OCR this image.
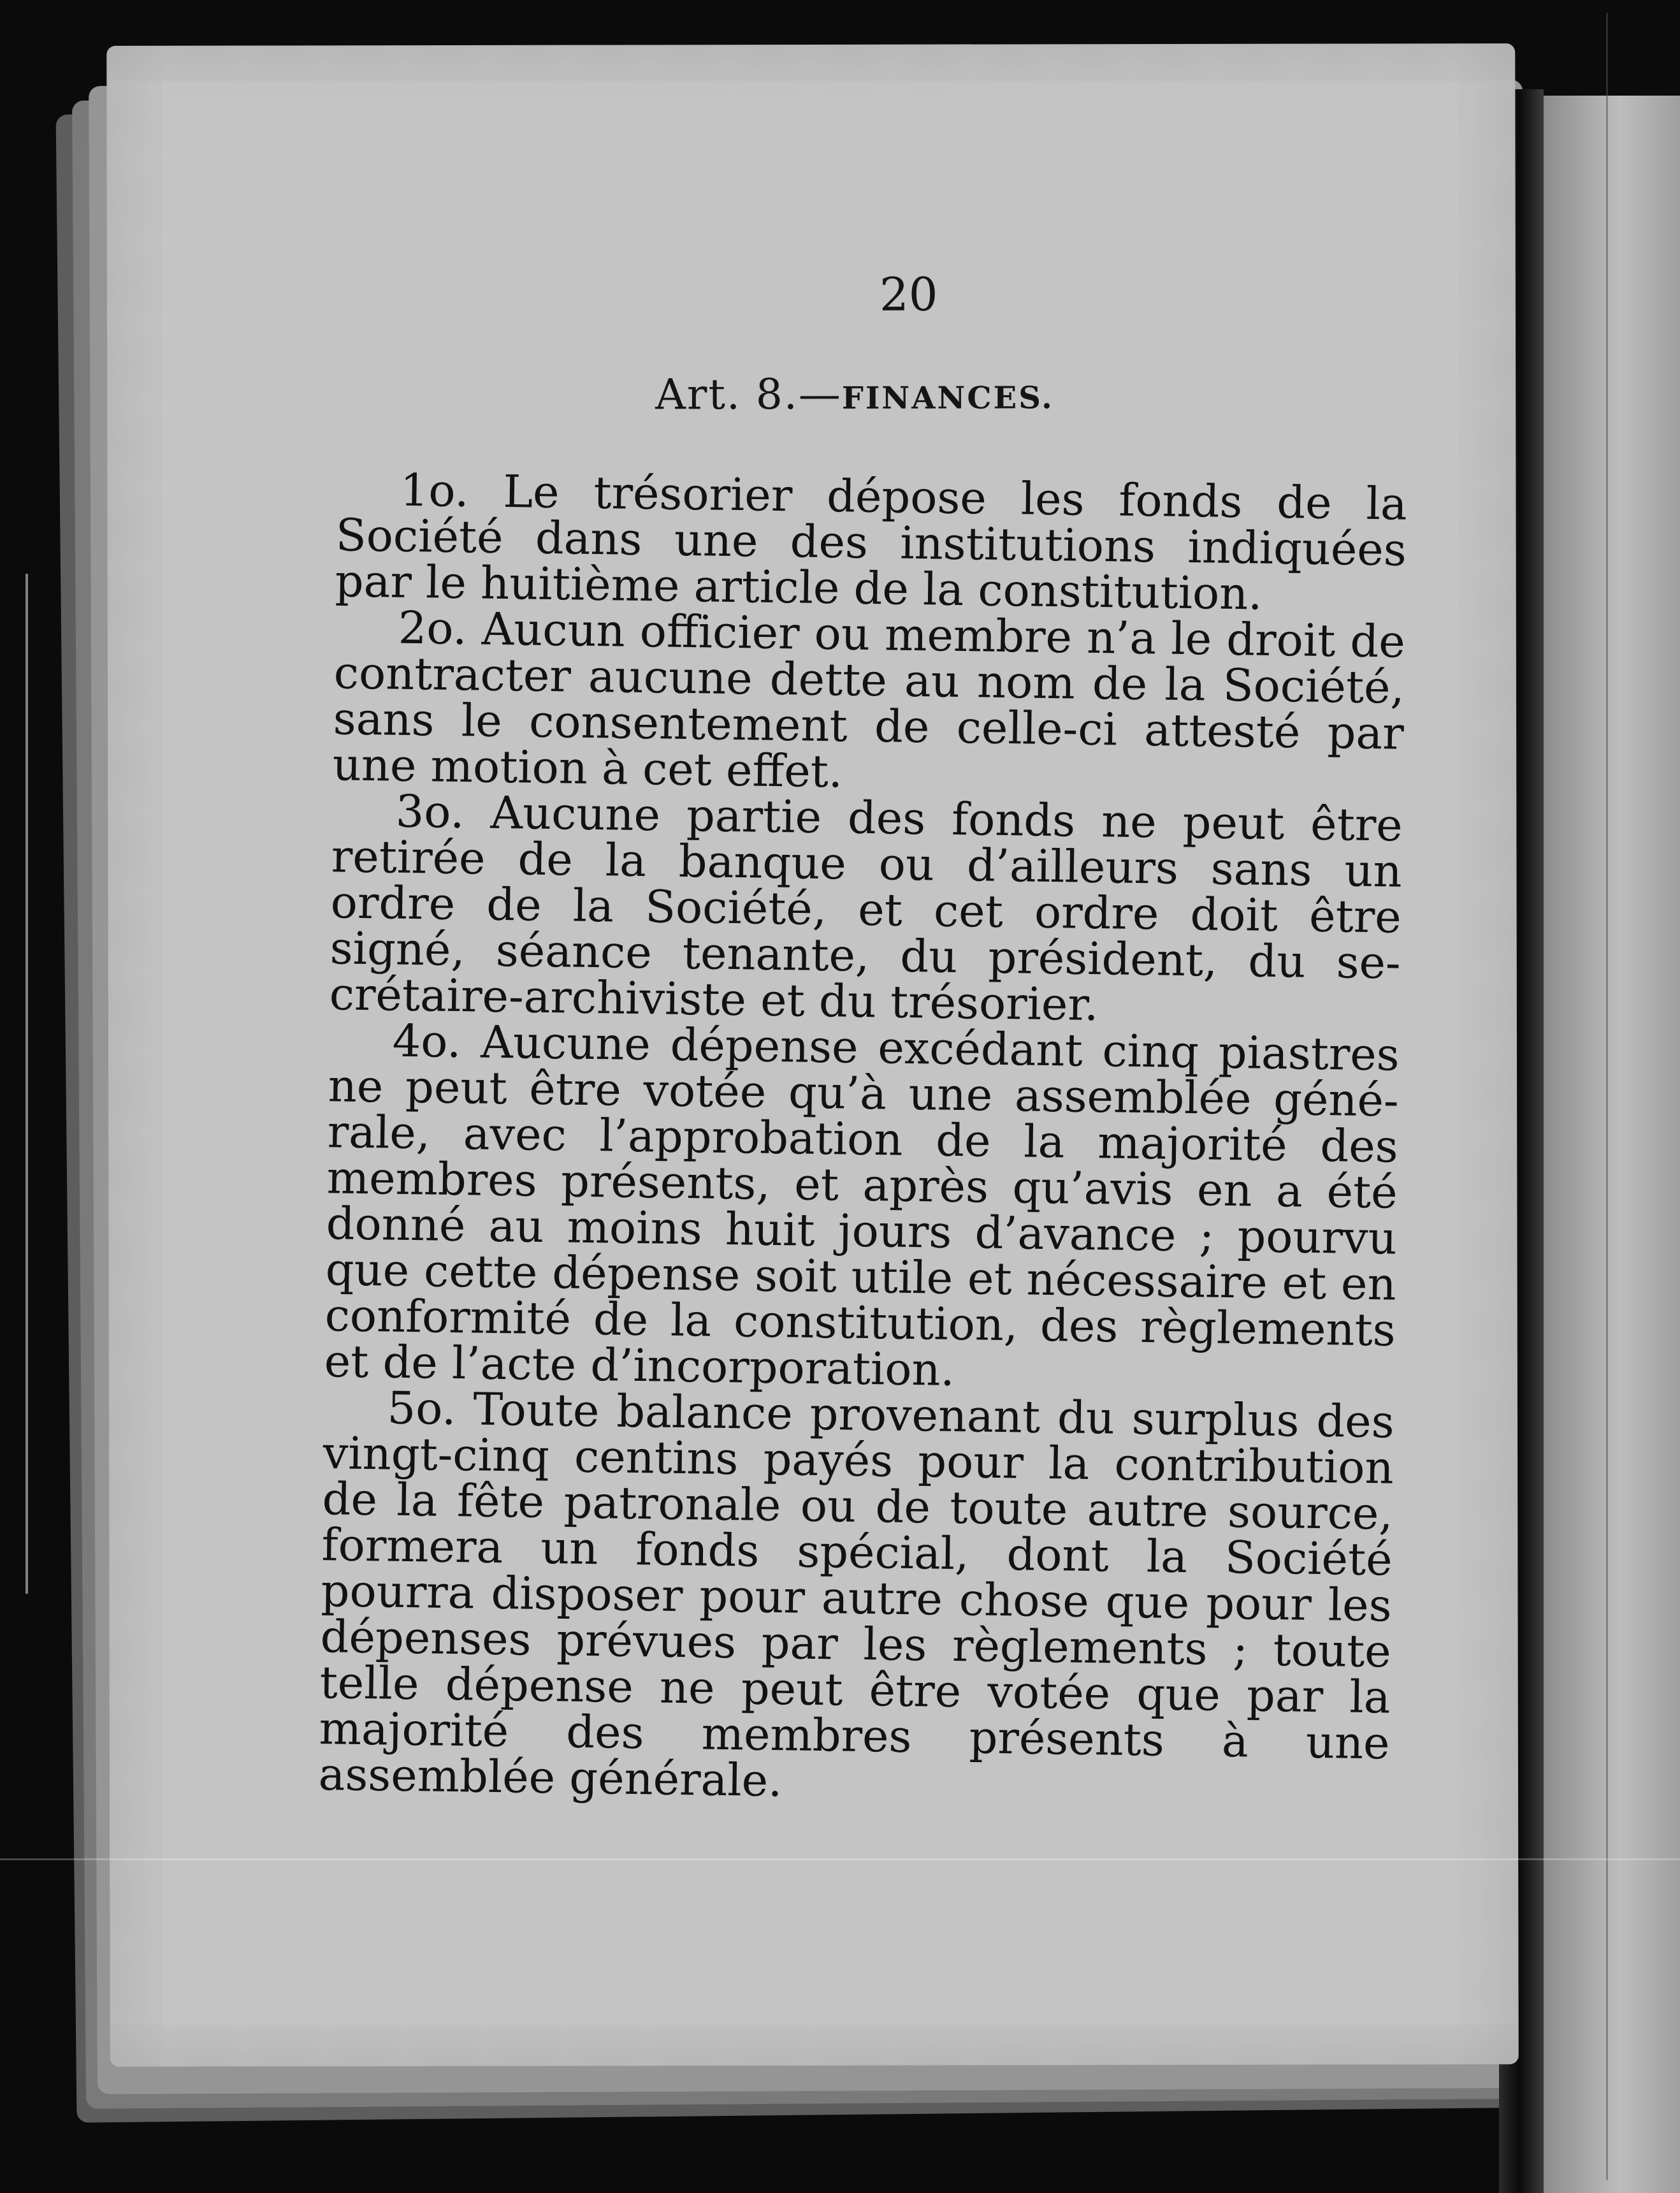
20
Art. 8.—FINANCES.

1o. Le trésorier dépose les fonds de la Société dans une des institutions indiquées par le huitième article de la constitution.

2o. Aucun officier ou membre n’a le droit de contracter aucune dette au nom de la Société, sans le consentement de celle-ci attesté par une motion à cet effet.

3o. Aucune partie des fonds ne peut être retirée de la banque ou d’ailleurs sans un ordre de la Société, et cet ordre doit être signé, séance tenante, du président, du secrétaire-archiviste et du trésorier.

4o. Aucune dépense excédant cinq piastres ne peut être votée qu’à une assemblée générale, avec l’approbation de la majorité des membres présents, et après qu’avis en a été donné au moins huit jours d’avance ; pourvu que cette dépense soit utile et nécessaire et en conformité de la constitution, des règlements et de l’acte d’incorporation.

5o. Toute balance provenant du surplus des vingt-cinq centins payés pour la contribution de la fête patronale ou de toute autre source, formera un fonds spécial, dont la Société pourra disposer pour autre chose que pour les dépenses prévues par les règlements ; toute telle dépense ne peut être votée que par la majorité des membres présents à une assemblée générale.
